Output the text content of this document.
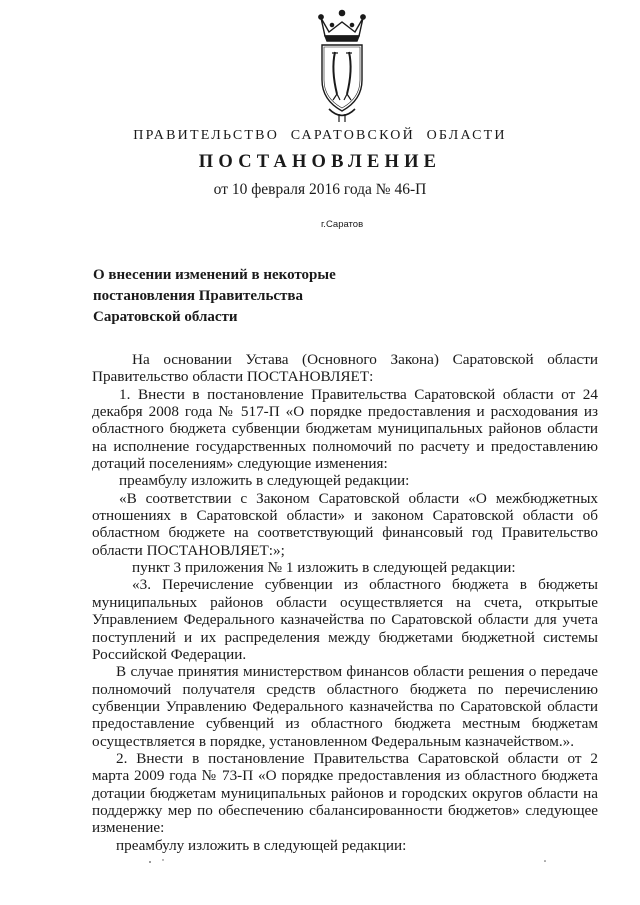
ПРАВИТЕЛЬСТВО САРАТОВСКОЙ ОБЛАСТИ
ПОСТАНОВЛЕНИЕ
от 10 февраля 2016 года № 46-П
г.Саратов
О внесении изменений в некоторые
постановления Правительства
Саратовской области

На основании Устава (Основного Закона) Саратовской области Правительство области ПОСТАНОВЛЯЕТ:

1. Внести в постановление Правительства Саратовской области от 24 декабря 2008 года № 517-П «О порядке предоставления и расходования из областного бюджета субвенции бюджетам муниципальных районов области на исполнение государственных полномочий по расчету и предоставлению дотаций поселениям» следующие изменения:

преамбулу изложить в следующей редакции:

«В соответствии с Законом Саратовской области «О межбюджетных отношениях в Саратовской области» и законом Саратовской области об областном бюджете на соответствующий финансовый год Правительство области ПОСТАНОВЛЯЕТ:»;

пункт 3 приложения № 1 изложить в следующей редакции:

«3. Перечисление субвенции из областного бюджета в бюджеты муниципальных районов области осуществляется на счета, открытые Управлением Федерального казначейства по Саратовской области для учета поступлений и их распределения между бюджетами бюджетной системы Российской Федерации.

В случае принятия министерством финансов области решения о передаче полномочий получателя средств областного бюджета по перечислению субвенции Управлению Федерального казначейства по Саратовской области предоставление субвенций из областного бюджета местным бюджетам осуществляется в порядке, установленном Федеральным казначейством.».

2. Внести в постановление Правительства Саратовской области от 2 марта 2009 года № 73-П «О порядке предоставления из областного бюджета дотации бюджетам муниципальных районов и городских округов области на поддержку мер по обеспечению сбалансированности бюджетов» следующее изменение:

преамбулу изложить в следующей редакции:
